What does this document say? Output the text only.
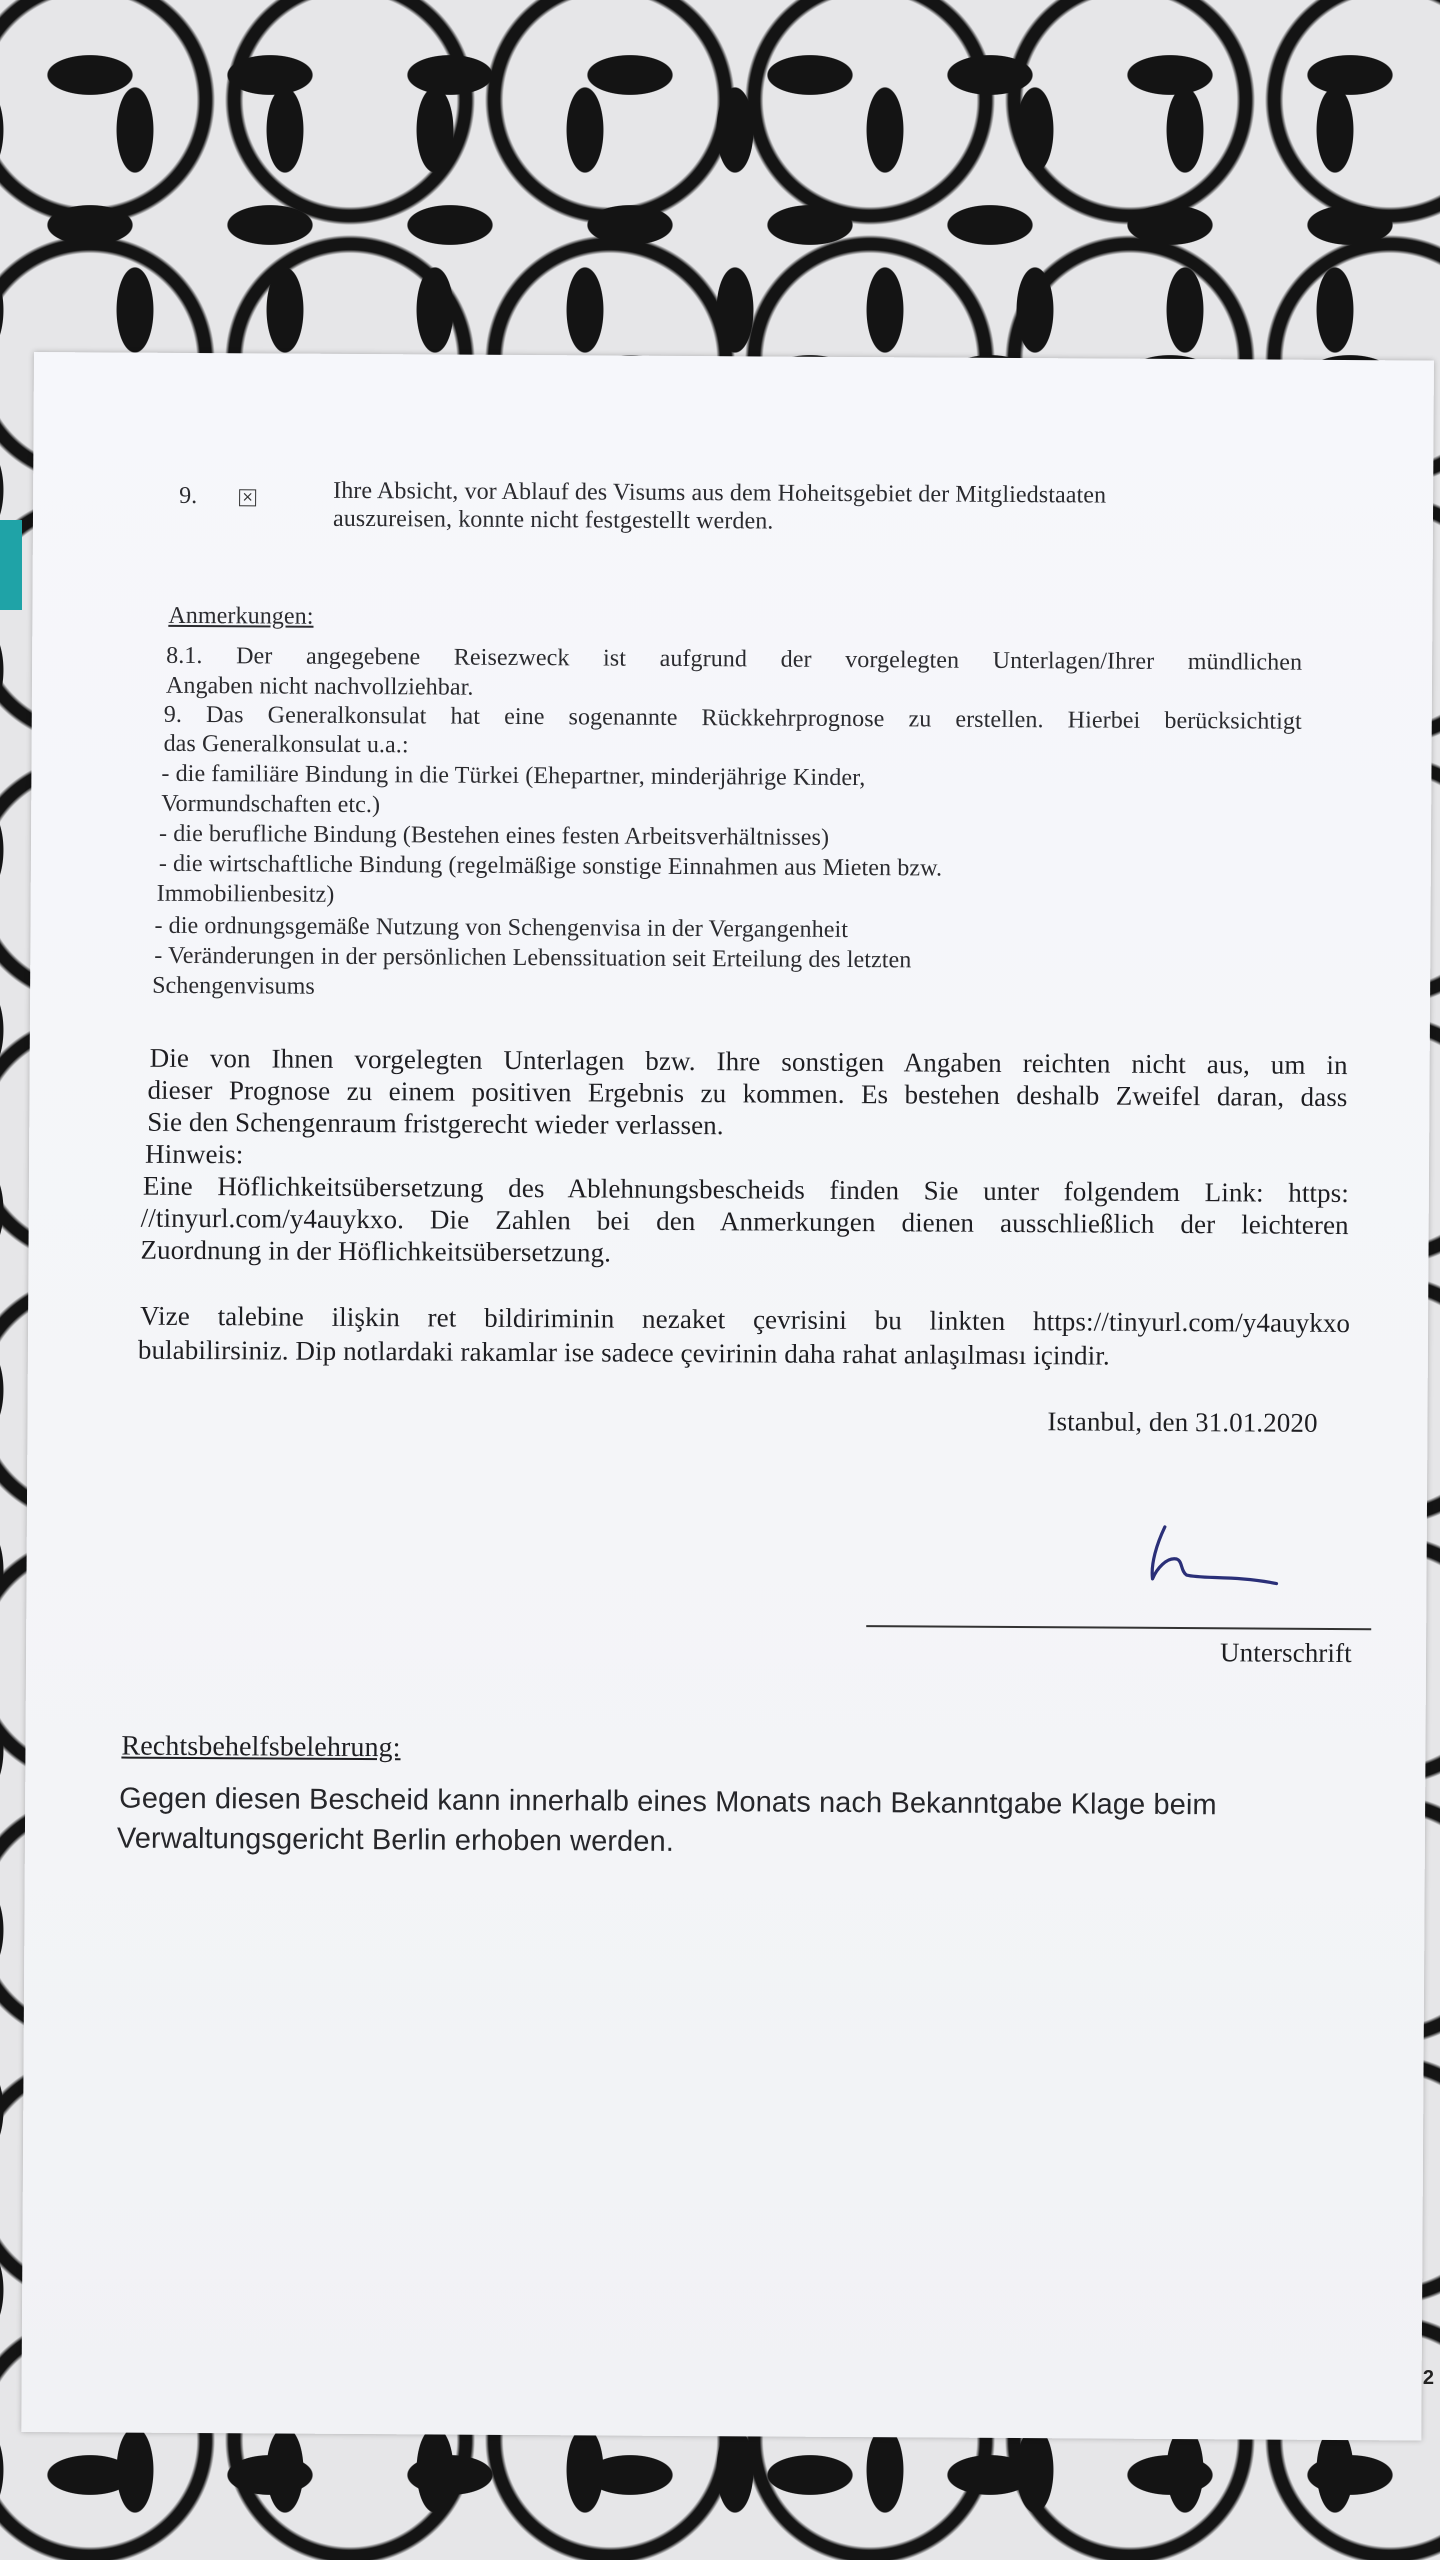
9.	×	Ihre Absicht, vor Ablauf des Visums aus dem Hoheitsgebiet der Mitgliedstaaten
auszureisen, konnte nicht festgestellt werden.
Anmerkungen:
8.1. Der angegebene Reisezweck ist aufgrund der vorgelegten Unterlagen/Ihrer mündlichen
Angaben nicht nachvollziehbar.
9. Das Generalkonsulat hat eine sogenannte Rückkehrprognose zu erstellen. Hierbei berücksichtigt
das Generalkonsulat u.a.:
- die familiäre Bindung in die Türkei (Ehepartner, minderjährige Kinder,
Vormundschaften etc.)
- die berufliche Bindung (Bestehen eines festen Arbeitsverhältnisses)
- die wirtschaftliche Bindung (regelmäßige sonstige Einnahmen aus Mieten bzw.
Immobilienbesitz)
- die ordnungsgemäße Nutzung von Schengenvisa in der Vergangenheit
- Veränderungen in der persönlichen Lebenssituation seit Erteilung des letzten
Schengenvisums
Die von Ihnen vorgelegten Unterlagen bzw. Ihre sonstigen Angaben reichten nicht aus, um in
dieser Prognose zu einem positiven Ergebnis zu kommen. Es bestehen deshalb Zweifel daran, dass
Sie den Schengenraum fristgerecht wieder verlassen.
Hinweis:
Eine Höflichkeitsübersetzung des Ablehnungsbescheids finden Sie unter folgendem Link: https:
//tinyurl.com/y4auykxo. Die Zahlen bei den Anmerkungen dienen ausschließlich der leichteren
Zuordnung in der Höflichkeitsübersetzung.
Vize talebine ilişkin ret bildiriminin nezaket çevrisini bu linkten https://tinyurl.com/y4auykxo
bulabilirsiniz. Dip notlardaki rakamlar ise sadece çevirinin daha rahat anlaşılması içindir.
Istanbul, den 31.01.2020
Unterschrift
Rechtsbehelfsbelehrung:
Gegen diesen Bescheid kann innerhalb eines Monats nach Bekanntgabe Klage beim
Verwaltungsgericht Berlin erhoben werden.
2
